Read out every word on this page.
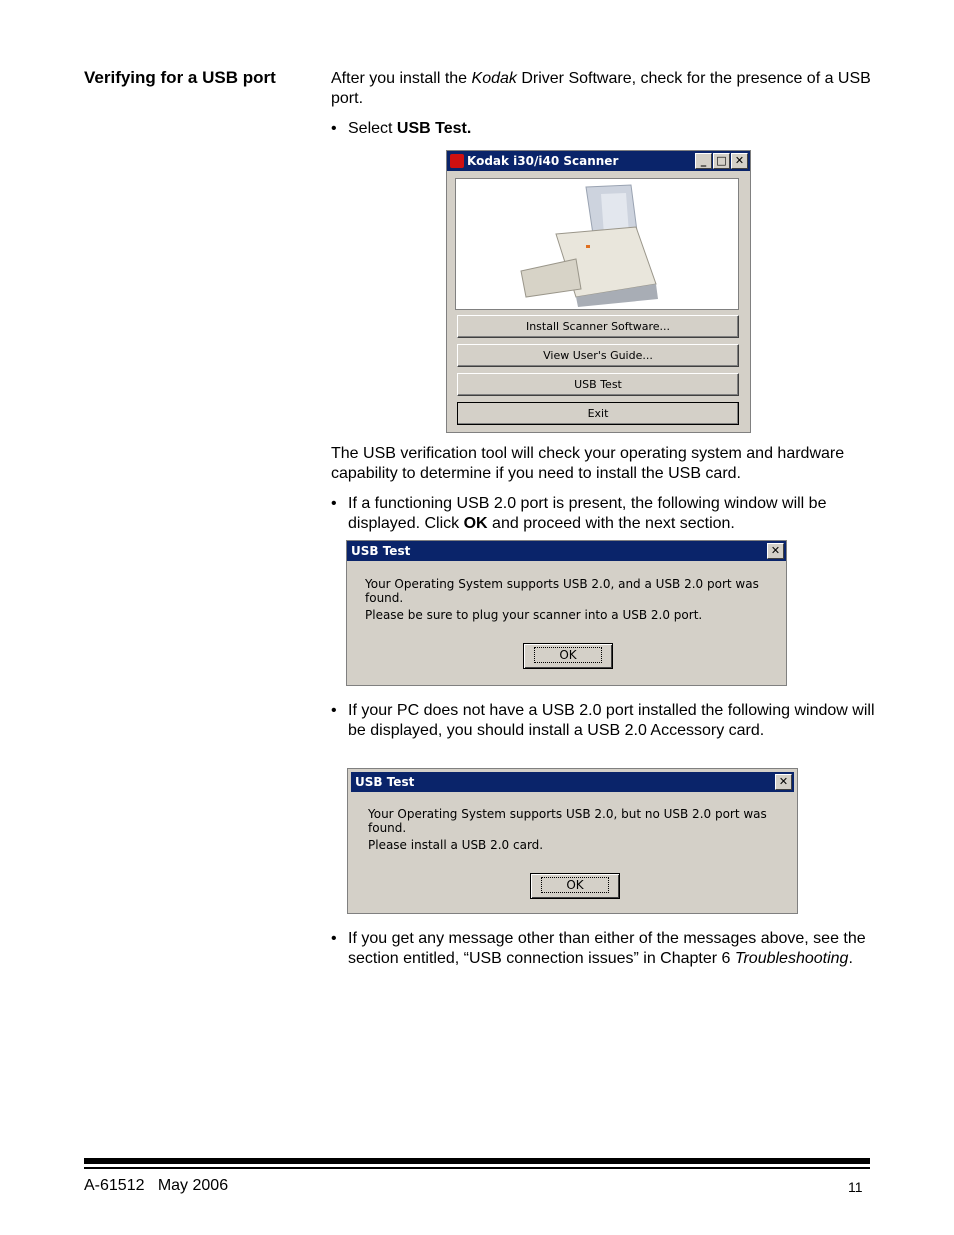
Verifying for a USB port	After you install the Kodak Driver Software, check for the presence of a USB port.
• Select USB Test.
Kodak i30/i40 Scanner	_ □ ✕
Install Scanner Software...
View User's Guide...
USB Test
Exit
The USB verification tool will check your operating system and hardware capability to determine if you need to install the USB card.
• If a functioning USB 2.0 port is present, the following window will be displayed. Click OK and proceed with the next section.
USB Test	✕
Your Operating System supports USB 2.0, and a USB 2.0 port was found.
Please be sure to plug your scanner into a USB 2.0 port.
OK
• If your PC does not have a USB 2.0 port installed the following window will be displayed, you should install a USB 2.0 Accessory card.
USB Test	✕
Your Operating System supports USB 2.0, but no USB 2.0 port was found.
Please install a USB 2.0 card.
OK
• If you get any message other than either of the messages above, see the section entitled, “USB connection issues” in Chapter 6 Troubleshooting.
A-61512   May 2006	11
